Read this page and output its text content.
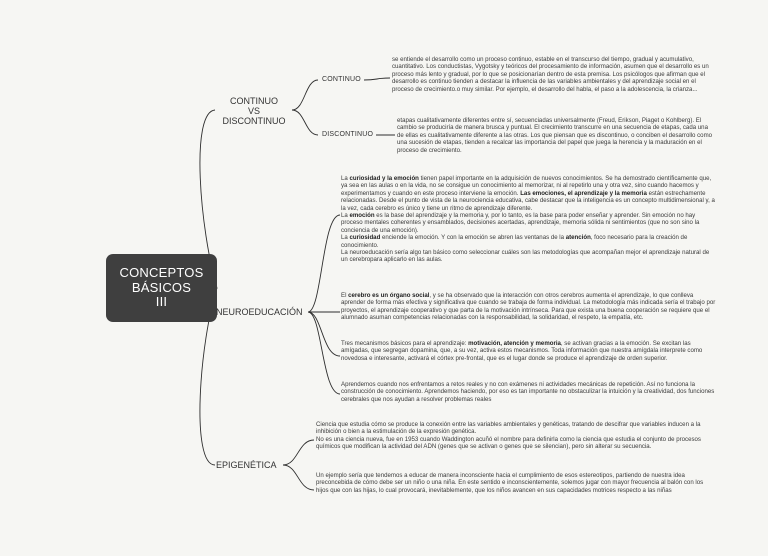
CONCEPTOS
BÁSICOS
III
CONTINUO
VS
DISCONTINUO
CONTINUO
DISCONTINUO
se entiende el desarrollo como un proceso continuo, estable en el transcurso del tiempo, gradual y acumulativo, cuantitativo. Los conductistas, Vygotsky y teóricos del procesamiento de información, asumen que el desarrollo es un proceso más lento y gradual, por lo que se posicionarían dentro de esta premisa. Los psicólogos que afirman que el desarrollo es continuo tienden a destacar la influencia de las variables ambientales y del aprendizaje social en el proceso de crecimiento.o muy similar. Por ejemplo, el desarrollo del habla, el paso a la adolescencia, la crianza...
etapas cualitativamente diferentes entre sí, secuenciadas universalmente (Freud, Erikson, Piaget o Kohlberg). El cambio se produciría de manera brusca y puntual. El crecimiento transcurre en una secuencia de etapas, cada una de ellas es cualitativamente diferente a las otras. Los que piensan que es discontinuo, o conciben el desarrollo como una sucesión de etapas, tienden a recalcar las importancia del papel que juega la herencia y la maduración en el proceso de crecimiento.
NEUROEDUCACIÓN
La curiosidad y la emoción tienen papel importante en la adquisición de nuevos conocimientos. Se ha demostrado científicamente que, ya sea en las aulas o en la vida, no se consigue un conocimiento al memorizar, ni al repetirlo una y otra vez, sino cuando hacemos y experimentamos y cuando en este proceso interviene la emoción. Las emociones, el aprendizaje y la memoria están estrechamente relacionadas. Desde el punto de vista de la neurociencia educativa, cabe destacar que la inteligencia es un concepto multidimensional y, a la vez, cada cerebro es único y tiene un ritmo de aprendizaje diferente.
La emoción es la base del aprendizaje y la memoria y, por lo tanto, es la base para poder enseñar y aprender. Sin emoción no hay proceso mentales coherentes y ensamblados, decisiones acertadas, aprendizaje, memoria sólida ni sentimientos (que no son sino la conciencia de una emoción).
La curiosidad enciende la emoción. Y con la emoción se abren las ventanas de la atención, foco necesario para la creación de conocimiento.
La neuroeducación sería algo tan básico como seleccionar cuáles son las metodologías que acompañan mejor el aprendizaje natural de un cerebropara aplicarlo en las aulas.
El cerebro es un órgano social, y se ha observado que la interacción con otros cerebros aumenta el aprendizaje, lo que conlleva aprender de forma más efectiva y significativa que cuando se trabaja de forma individual. La metodología más indicada sería el trabajo por proyectos, el aprendizaje cooperativo y que parta de la motivación intrínseca. Para que exista una buena cooperación se requiere que el alumnado asuman competencias relacionadas con la responsabilidad, la solidaridad, el respeto, la empatía, etc.
Tres mecanismos básicos para el aprendizaje: motivación, atención y memoria, se activan gracias a la emoción. Se excitan las amígadas, que segregan dopamina, que, a su vez, activa estos mecanismos. Toda información que nuestra amígdala interprete como novedosa e interesante, activará el córtex pre-frontal, que es el lugar donde se produce el aprendizaje de orden superior.
Aprendemos cuando nos enfrentamos a retos reales y no con exámenes ni actividades mecánicas de repetición. Así no funciona la construcción de conocimiento. Aprendemos haciendo, por eso es tan importante no obstaculizar la intuición y la creatividad, dos funciones cerebrales que nos ayudan a resolver problemas reales
EPIGENÉTICA
Ciencia que estudia cómo se produce la conexión entre las variables ambientales y genéticas, tratando de descifrar que variables inducen a la inhibición o bien a la estimulación de la expresión genética.
No es una ciencia nueva, fue en 1953 cuando Waddington acuñó el nombre para definirla como la ciencia que estudia el conjunto de procesos químicos que modifican la actividad del ADN (genes que se activan o genes que se silencian), pero sin alterar su secuencia.
Un ejemplo sería que tendemos a educar de manera inconsciente hacia el cumplimiento de esos estereotipos, partiendo de nuestra idea preconcebida de cómo debe ser un niño o una niña. En este sentido e inconscientemente, solemos jugar con mayor frecuencia al balón con los hijos que con las hijas, lo cual provocará, inevitablemente, que los niños avancen en sus capacidades motrices respecto a las niñas
